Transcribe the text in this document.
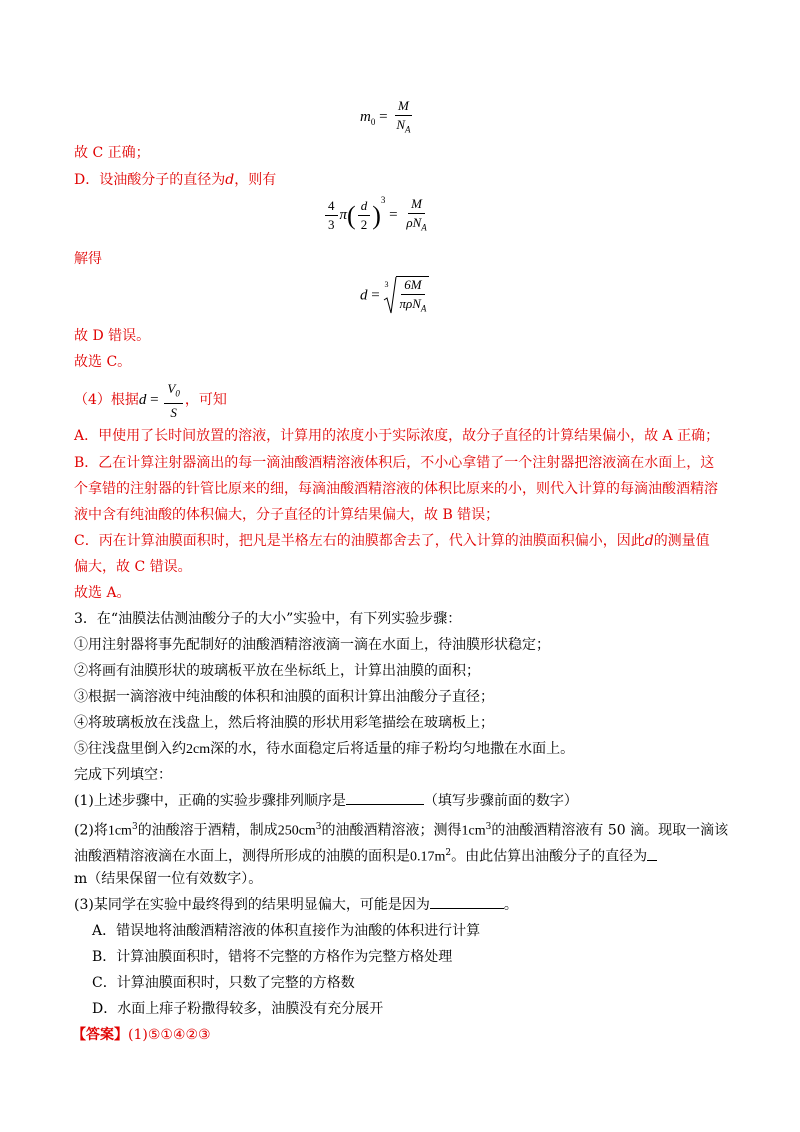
$m_0 = \frac{M}{N_A}$
故 C 正确；
D．设油酸分子的直径为d，则有
$\frac{4}{3} \pi( \frac{d}{2} )^3 = \frac{M}{\rho N_A}$
解得
d =
$3 \frac{6M}{\pi\rho N_A}$
故 D 错误。
故选 C。
（4）根据$d = \frac{V_0}{S}$ ，可知
A．甲使用了长时间放置的溶液，计算用的浓度小于实际浓度，故分子直径的计算结果偏小，故 A 正确；
B．乙在计算注射器滴出的每一滴油酸酒精溶液体积后，不小心拿错了一个注射器把溶液滴在水面上，这
个拿错的注射器的针管比原来的细，每滴油酸酒精溶液的体积比原来的小，则代入计算的每滴油酸酒精溶
液中含有纯油酸的体积偏大，分子直径的计算结果偏大，故 B 错误；
C．丙在计算油膜面积时，把凡是半格左右的油膜都舍去了，代入计算的油膜面积偏小，因此d的测量值
偏大，故 C 错误。
故选 A。
3．在“油膜法估测油酸分子的大小”实验中，有下列实验步骤：
①用注射器将事先配制好的油酸酒精溶液滴一滴在水面上，待油膜形状稳定；
②将画有油膜形状的玻璃板平放在坐标纸上，计算出油膜的面积；
③根据一滴溶液中纯油酸的体积和油膜的面积计算出油酸分子直径；
④将玻璃板放在浅盘上，然后将油膜的形状用彩笔描绘在玻璃板上；
⑤往浅盘里倒入约2cm深的水，待水面稳定后将适量的痱子粉均匀地撒在水面上。
完成下列填空：
(1)上述步骤中，正确的实验步骤排列顺序是	（填写步骤前面的数字）
(2)将$1cm^3$的油酸溶于酒精，制成$250cm^3$的油酸酒精溶液；测得$1cm^3$的油酸酒精溶液有 50 滴。现取一滴该
油酸酒精溶液滴在水面上，测得所形成的油膜的面积是$0.17m^2$。由此估算出油酸分子的直径为
m（结果保留一位有效数字）。
(3)某同学在实验中最终得到的结果明显偏大，可能是因为	。
A．错误地将油酸酒精溶液的体积直接作为油酸的体积进行计算
B．计算油膜面积时，错将不完整的方格作为完整方格处理
C．计算油膜面积时，只数了完整的方格数
D．水面上痱子粉撒得较多，油膜没有充分展开
【答案】(1)⑤①④②③
